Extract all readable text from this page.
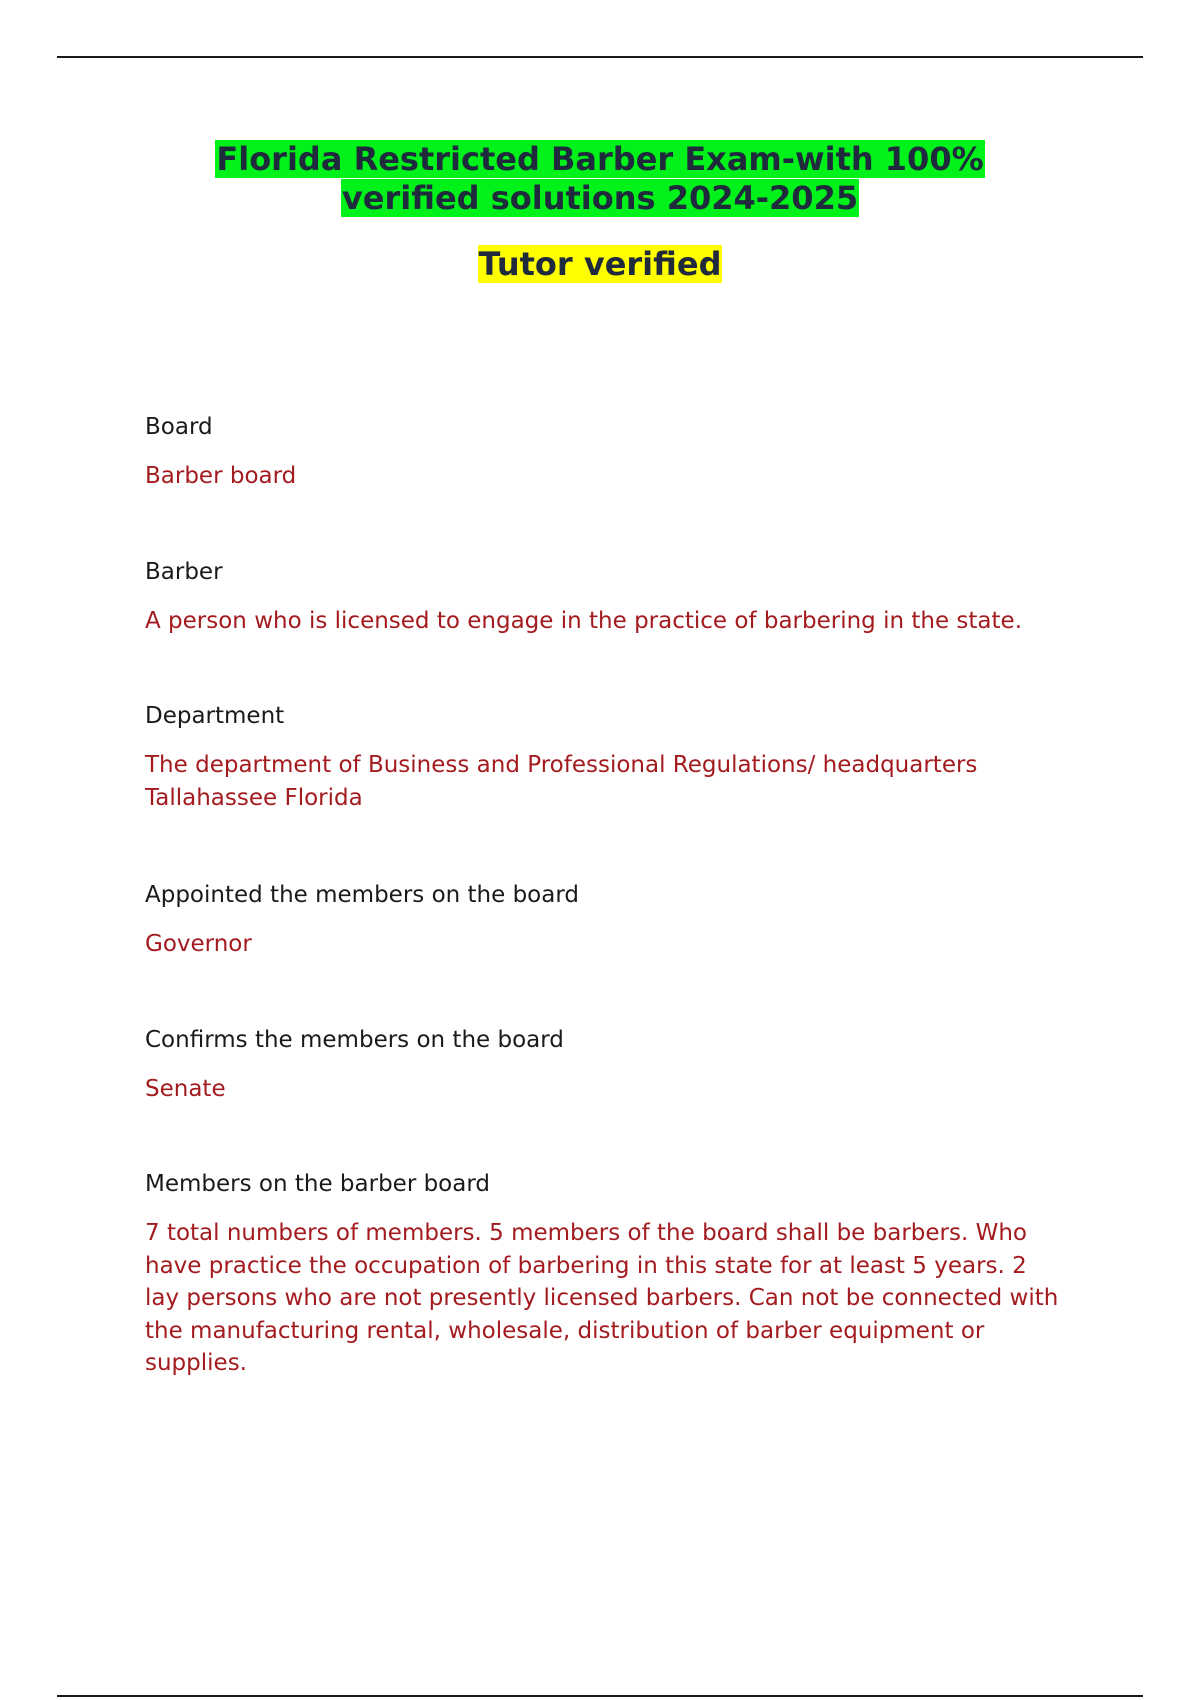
Florida Restricted Barber Exam-with 100%
verified solutions 2024-2025
Tutor verified

Board

Barber board

Barber

A person who is licensed to engage in the practice of barbering in the state.

Department

The department of Business and Professional Regulations/ headquarters Tallahassee Florida

Appointed the members on the board

Governor

Confirms the members on the board

Senate

Members on the barber board

7 total numbers of members. 5 members of the board shall be barbers. Who have practice the occupation of barbering in this state for at least 5 years. 2 lay persons who are not presently licensed barbers. Can not be connected with the manufacturing rental, wholesale, distribution of barber equipment or supplies.
